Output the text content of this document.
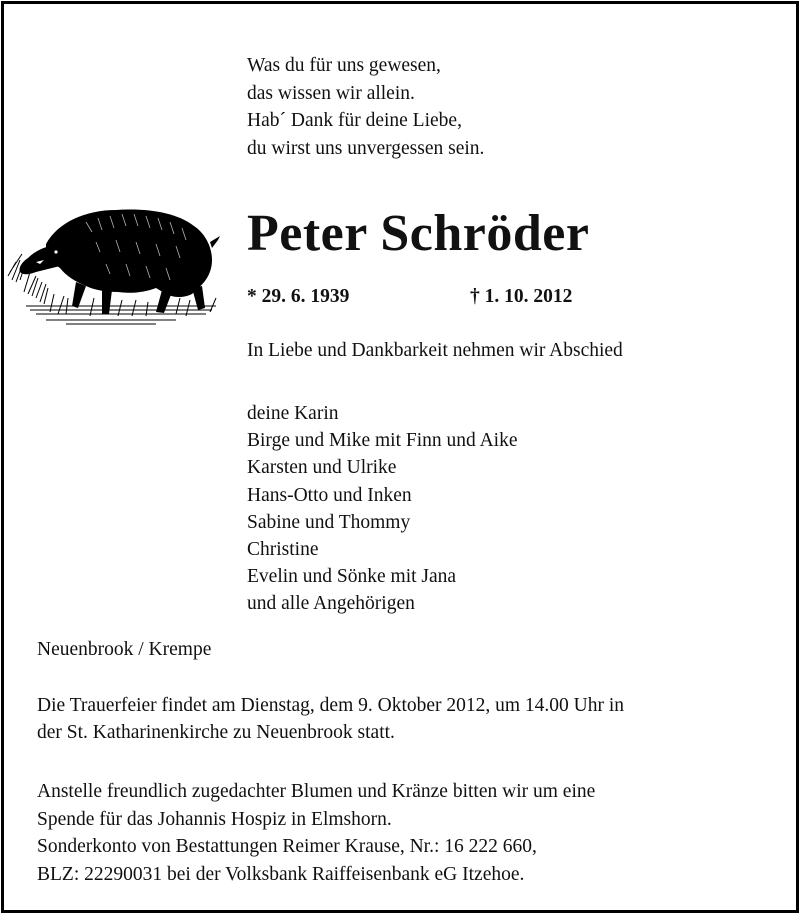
Was du für uns gewesen,
das wissen wir allein.
Hab´ Dank für deine Liebe,
du wirst uns unvergessen sein.
Peter Schröder
* 29. 6. 1939	† 1. 10. 2012
In Liebe und Dankbarkeit nehmen wir Abschied
deine Karin
Birge und Mike mit Finn und Aike
Karsten und Ulrike
Hans-Otto und Inken
Sabine und Thommy
Christine
Evelin und Sönke mit Jana
und alle Angehörigen
Neuenbrook / Krempe
Die Trauerfeier findet am Dienstag, dem 9. Oktober 2012, um 14.00 Uhr in
der St. Katharinenkirche zu Neuenbrook statt.
Anstelle freundlich zugedachter Blumen und Kränze bitten wir um eine
Spende für das Johannis Hospiz in Elmshorn.
Sonderkonto von Bestattungen Reimer Krause, Nr.: 16 222 660,
BLZ: 22290031 bei der Volksbank Raiffeisenbank eG Itzehoe.
